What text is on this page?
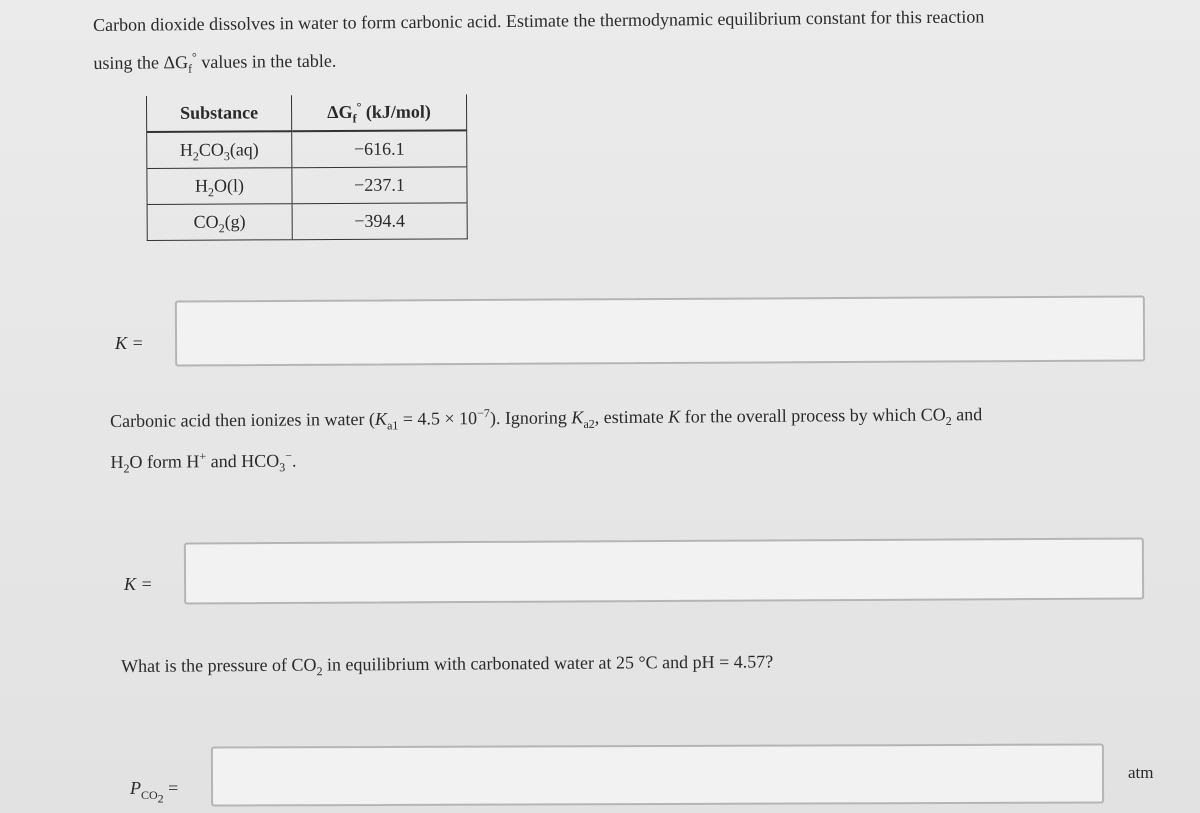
Carbon dioxide dissolves in water to form carbonic acid. Estimate the thermodynamic equilibrium constant for this reaction
using the $\Delta G_f^\circ$ values in the table.
Substance	$\Delta G_f^\circ$ (kJ/mol)
$H_2CO_3(aq)$	−616.1
$H_2O(l)$	−237.1
$CO_2(g)$	−394.4
K =
Carbonic acid then ionizes in water $(K_{a1} = 4.5 \times 10^{-7})$. Ignoring $K_{a2}$, estimate K for the overall process by which $CO_2$ and
$H_2O$ form H+ and $HCO_3^-$.
K =
What is the pressure of $CO_2$ in equilibrium with carbonated water at 25 °C and pH = 4.57?
$P_{CO_2}$ =
atm
